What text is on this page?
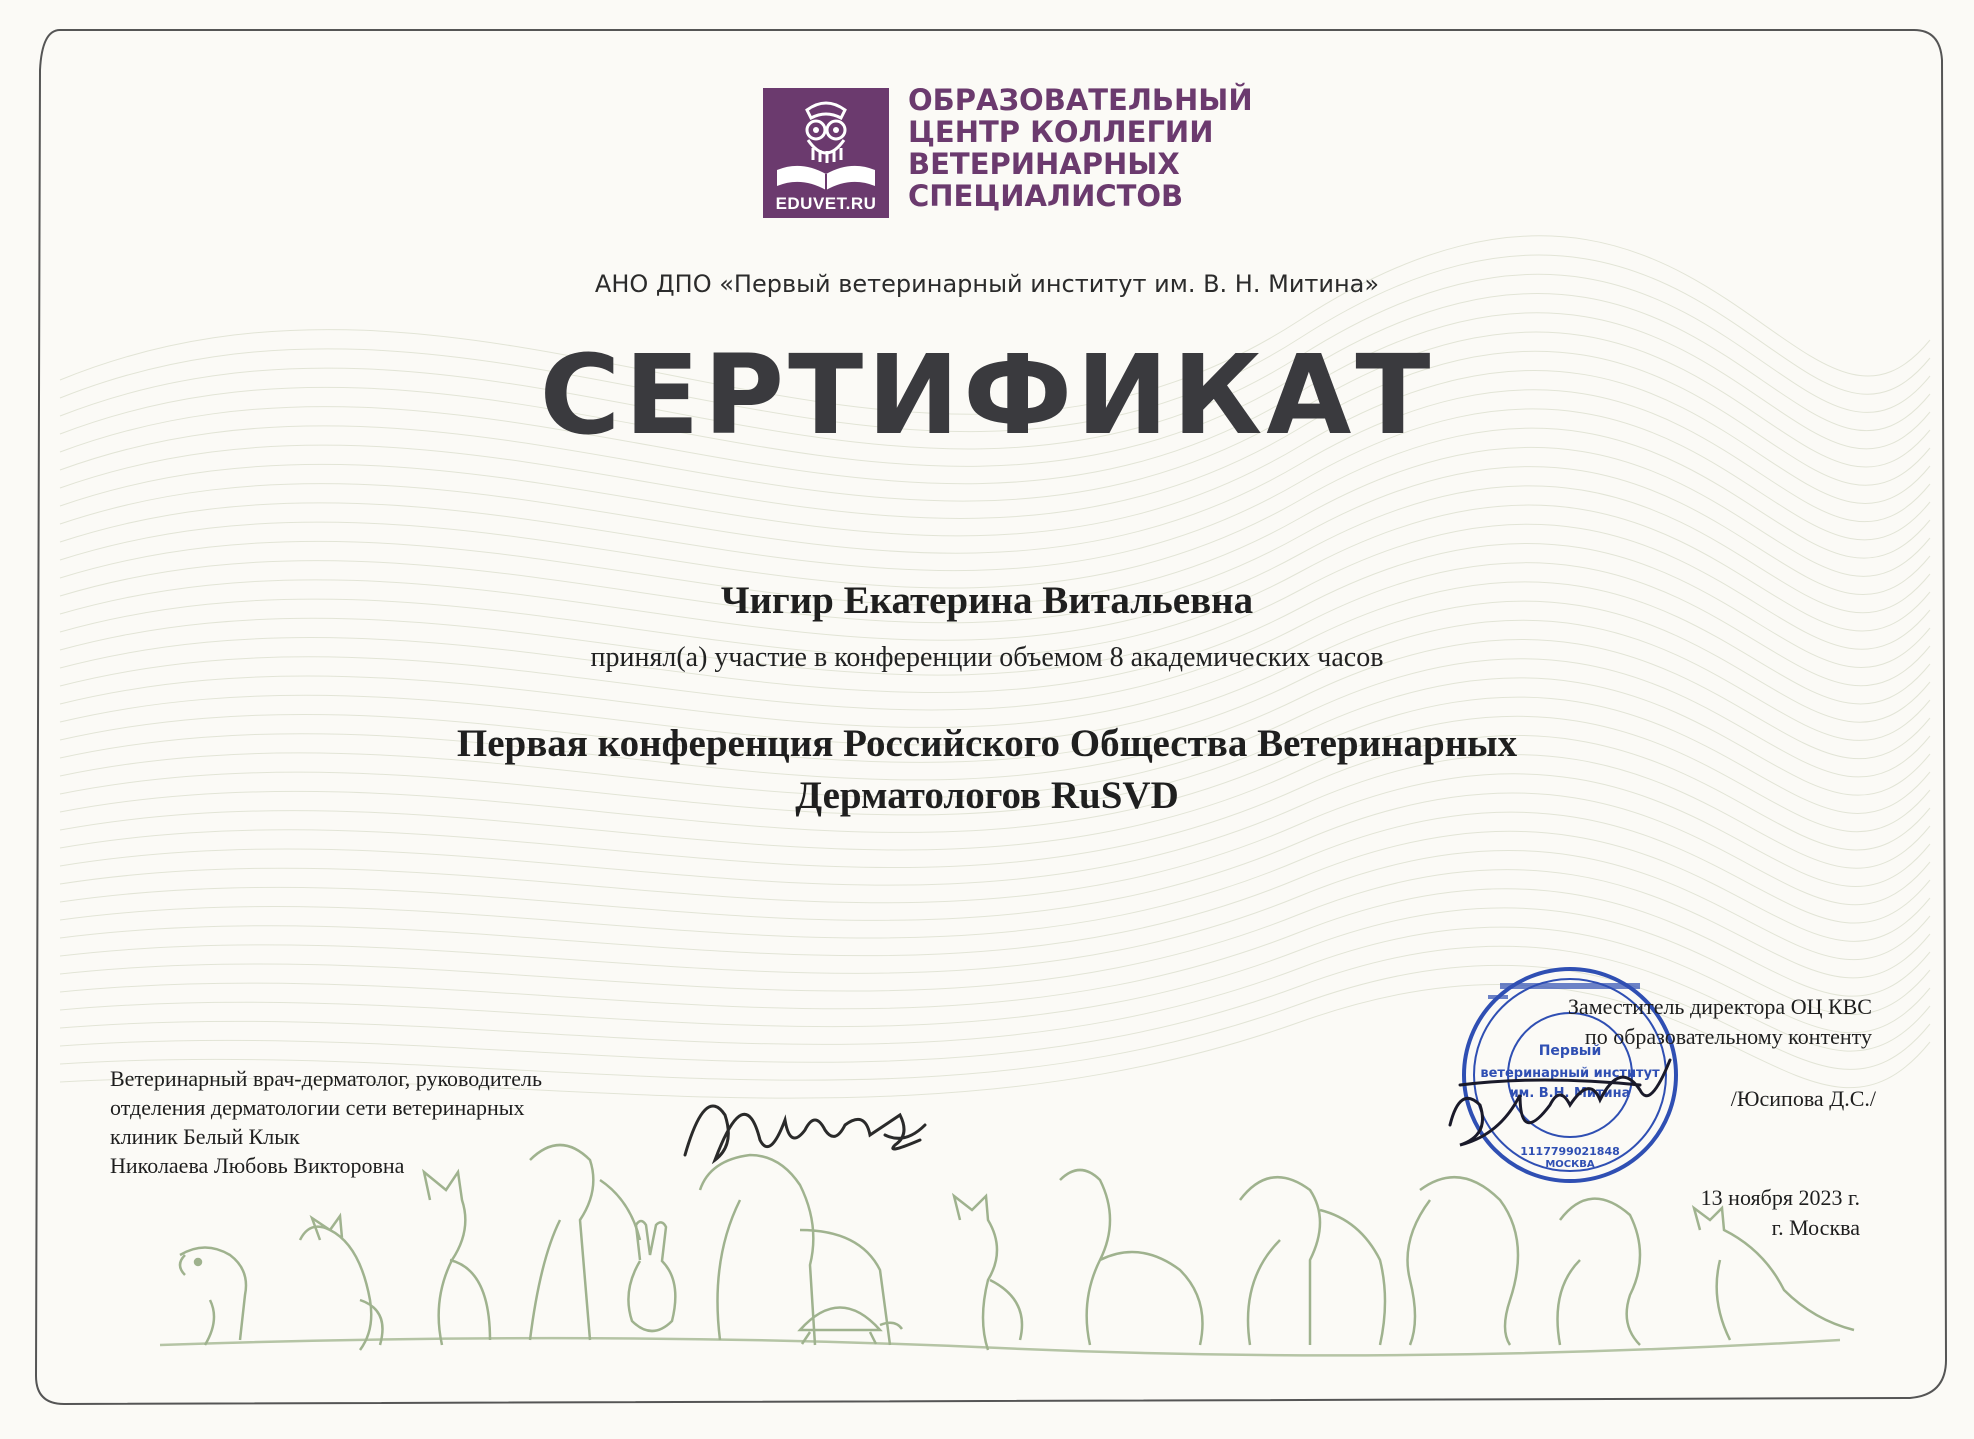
EDUVET.RU
ОБРАЗОВАТЕЛЬНЫЙ
ЦЕНТР КОЛЛЕГИИ
ВЕТЕРИНАРНЫХ
СПЕЦИАЛИСТОВ
АНО ДПО «Первый ветеринарный институт им. В. Н. Митина»
СЕРТИФИКАТ
Чигир Екатерина Витальевна
принял(а) участие в конференции объемом 8 академических часов
Первая конференция Российского Общества Ветеринарных
Дерматологов RuSVD
Ветеринарный врач-дерматолог, руководитель
отделения дерматологии сети ветеринарных
клиник Белый Клык
Николаева Любовь Викторовна
Первый
ветеринарный институт
им. В.Н. Митина
1117799021848
МОСКВА
Заместитель директора ОЦ КВС
по образовательному контенту
/Юсипова Д.С./
13 ноября 2023 г.
г. Москва
